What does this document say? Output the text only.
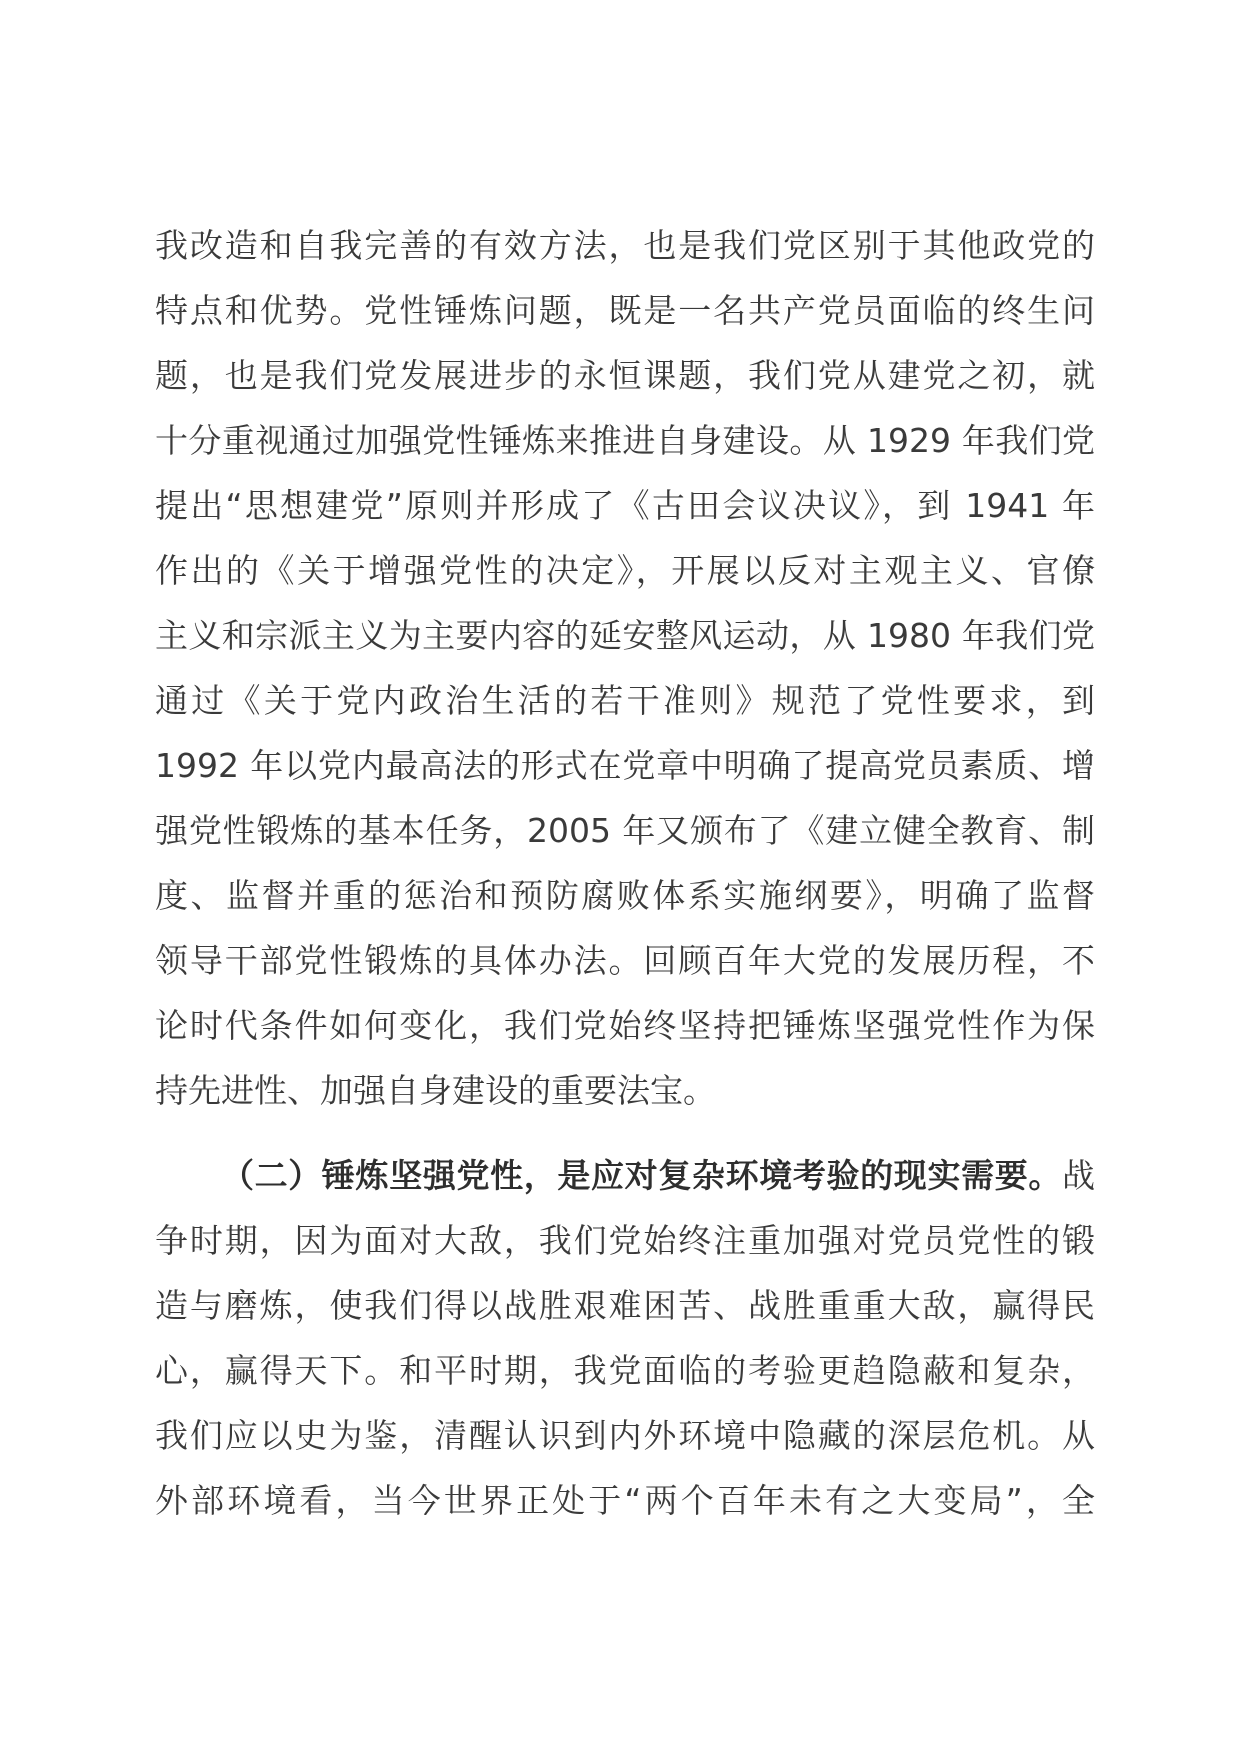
我改造和自我完善的有效方法，也是我们党区别于其他政党的
特点和优势。党性锤炼问题，既是一名共产党员面临的终生问
题，也是我们党发展进步的永恒课题，我们党从建党之初，就
十分重视通过加强党性锤炼来推进自身建设。从 1929 年我们党
提出“思想建党”原则并形成了《古田会议决议》，到 1941 年
作出的《关于增强党性的决定》，开展以反对主观主义、官僚
主义和宗派主义为主要内容的延安整风运动，从 1980 年我们党
通过《关于党内政治生活的若干准则》规范了党性要求，到
1992 年以党内最高法的形式在党章中明确了提高党员素质、增
强党性锻炼的基本任务，2005 年又颁布了《建立健全教育、制
度、监督并重的惩治和预防腐败体系实施纲要》，明确了监督
领导干部党性锻炼的具体办法。回顾百年大党的发展历程，不
论时代条件如何变化，我们党始终坚持把锤炼坚强党性作为保
持先进性、加强自身建设的重要法宝。
（二）锤炼坚强党性，是应对复杂环境考验的现实需要。战
争时期，因为面对大敌，我们党始终注重加强对党员党性的锻
造与磨炼，使我们得以战胜艰难困苦、战胜重重大敌，赢得民
心，赢得天下。和平时期，我党面临的考验更趋隐蔽和复杂，
我们应以史为鉴，清醒认识到内外环境中隐藏的深层危机。从
外部环境看，当今世界正处于“两个百年未有之大变局”，全
